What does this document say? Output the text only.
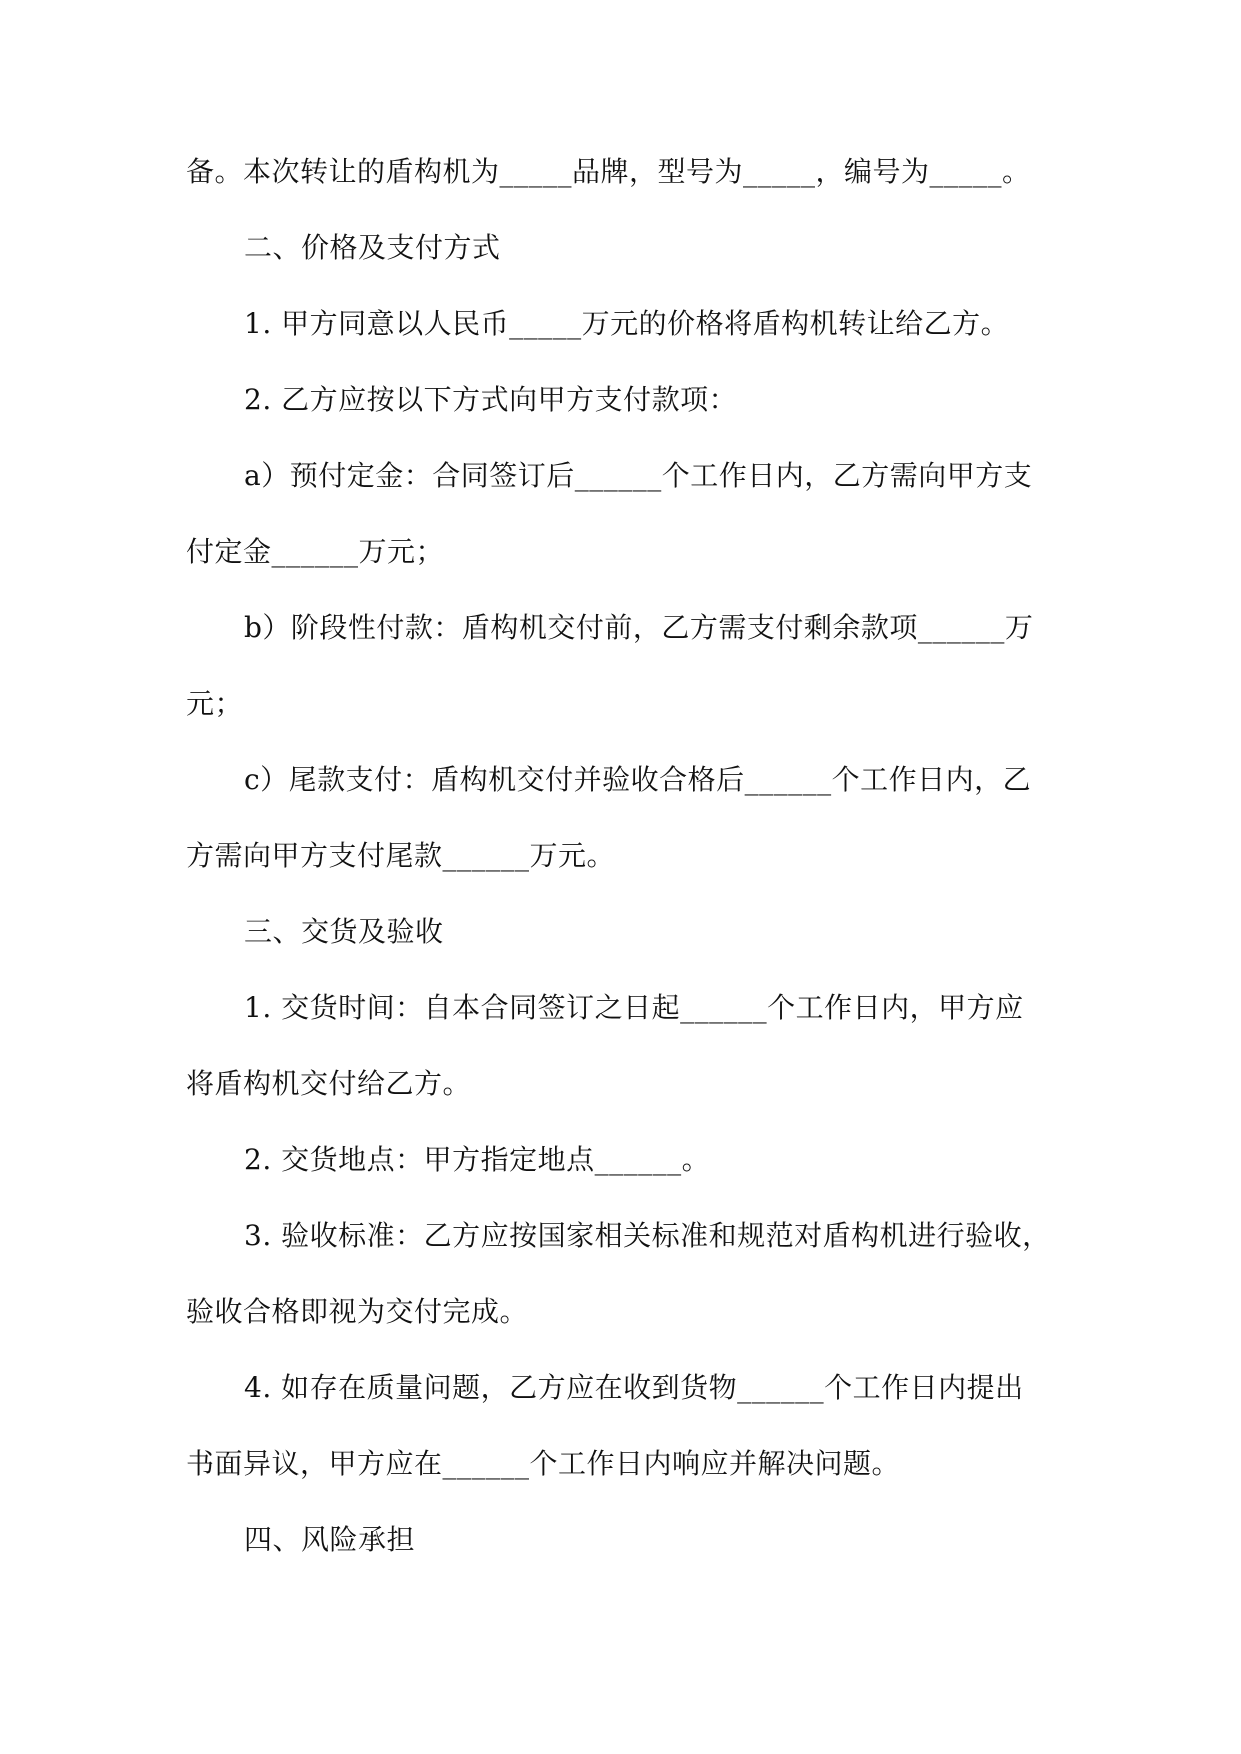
备。本次转让的盾构机为_____品牌，型号为_____，编号为_____。
二、价格及支付方式
1. 甲方同意以人民币_____万元的价格将盾构机转让给乙方。
2. 乙方应按以下方式向甲方支付款项：
a）预付定金：合同签订后______个工作日内，乙方需向甲方支
付定金______万元；
b）阶段性付款：盾构机交付前，乙方需支付剩余款项______万
元；
c）尾款支付：盾构机交付并验收合格后______个工作日内，乙
方需向甲方支付尾款______万元。
三、交货及验收
1. 交货时间：自本合同签订之日起______个工作日内，甲方应
将盾构机交付给乙方。
2. 交货地点：甲方指定地点______。
3. 验收标准：乙方应按国家相关标准和规范对盾构机进行验收，
验收合格即视为交付完成。
4. 如存在质量问题，乙方应在收到货物______个工作日内提出
书面异议，甲方应在______个工作日内响应并解决问题。
四、风险承担
